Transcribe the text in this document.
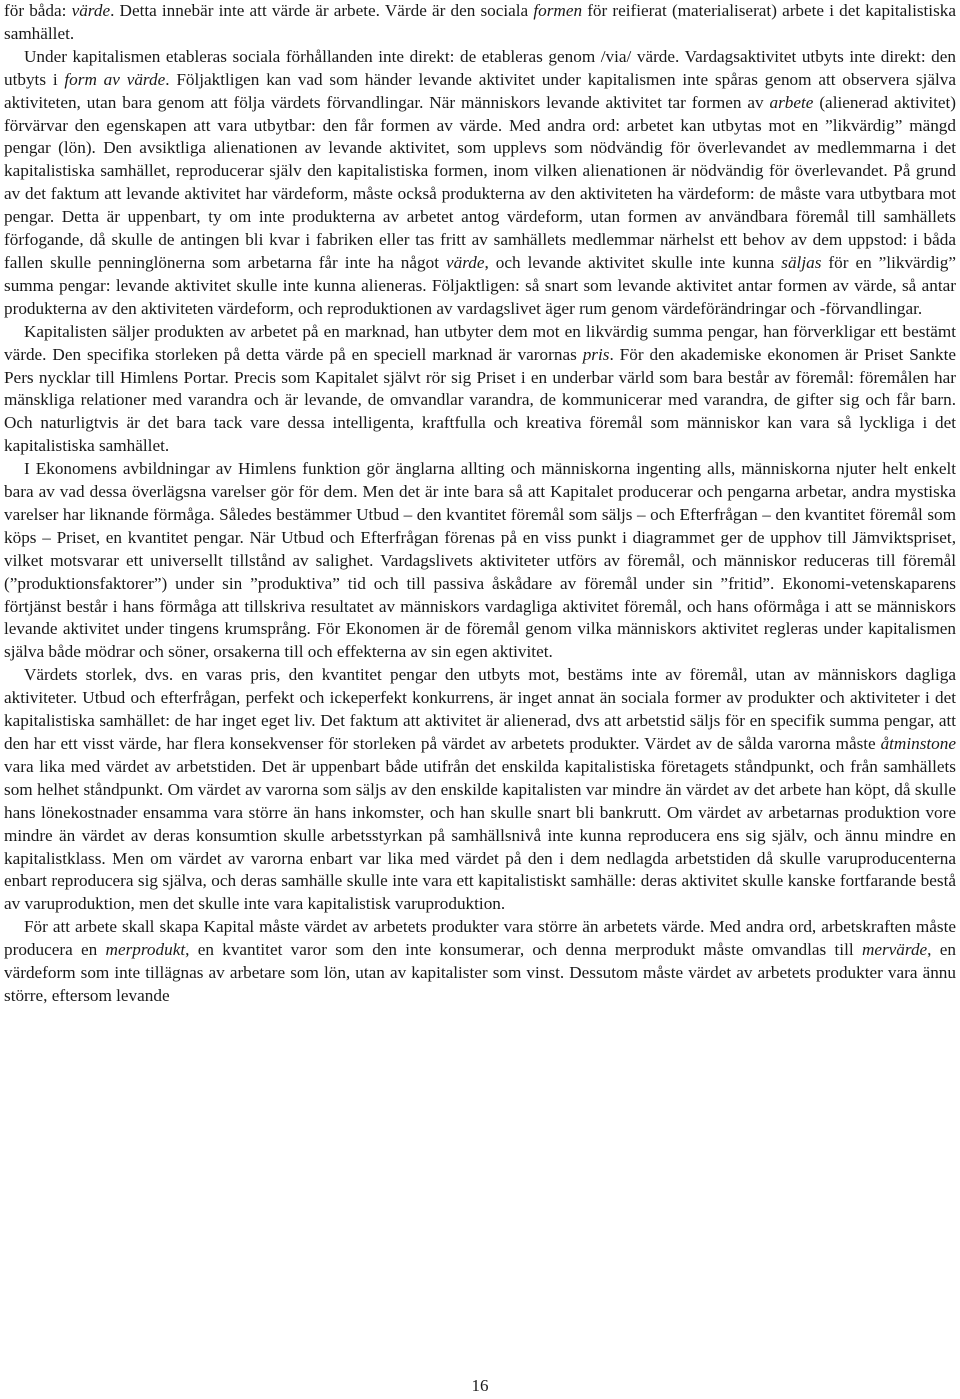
för båda: värde. Detta innebär inte att värde är arbete. Värde är den sociala formen för reifierat (materialiserat) arbete i det kapitalistiska samhället.

Under kapitalismen etableras sociala förhållanden inte direkt: de etableras genom /via/ värde. Vardagsaktivitet utbyts inte direkt: den utbyts i form av värde. Följaktligen kan vad som händer levande aktivitet under kapitalismen inte spåras genom att observera själva aktiviteten, utan bara genom att följa värdets förvandlingar. När människors levande aktivitet tar formen av arbete (alienerad aktivitet) förvärvar den egenskapen att vara utbytbar: den får formen av värde. Med andra ord: arbetet kan utbytas mot en ”likvärdig” mängd pengar (lön). Den avsiktliga alienationen av levande aktivitet, som upplevs som nödvändig för överlevandet av medlemmarna i det kapitalistiska samhället, reproducerar själv den kapitalistiska formen, inom vilken alienationen är nödvändig för överlevandet. På grund av det faktum att levande aktivitet har värdeform, måste också produkterna av den aktiviteten ha värdeform: de måste vara utbytbara mot pengar. Detta är uppenbart, ty om inte produkterna av arbetet antog värdeform, utan formen av användbara föremål till samhällets förfogande, då skulle de antingen bli kvar i fabriken eller tas fritt av samhällets medlemmar närhelst ett behov av dem uppstod: i båda fallen skulle penninglönerna som arbetarna får inte ha något värde, och levande aktivitet skulle inte kunna säljas för en ”likvärdig” summa pengar: levande aktivitet skulle inte kunna alieneras. Följaktligen: så snart som levande aktivitet antar formen av värde, så antar produkterna av den aktiviteten värdeform, och reproduktionen av vardagslivet äger rum genom värdeförändringar och -förvandlingar.

Kapitalisten säljer produkten av arbetet på en marknad, han utbyter dem mot en likvärdig summa pengar, han förverkligar ett bestämt värde. Den specifika storleken på detta värde på en speciell marknad är varornas pris. För den akademiske ekonomen är Priset Sankte Pers nycklar till Himlens Portar. Precis som Kapitalet självt rör sig Priset i en underbar värld som bara består av föremål: föremålen har mänskliga relationer med varandra och är levande, de omvandlar varandra, de kommunicerar med varandra, de gifter sig och får barn. Och naturligtvis är det bara tack vare dessa intelligenta, kraftfulla och kreativa föremål som människor kan vara så lyckliga i det kapitalistiska samhället.

I Ekonomens avbildningar av Himlens funktion gör änglarna allting och människorna ingenting alls, människorna njuter helt enkelt bara av vad dessa överlägsna varelser gör för dem. Men det är inte bara så att Kapitalet producerar och pengarna arbetar, andra mystiska varelser har liknande förmåga. Således bestämmer Utbud – den kvantitet föremål som säljs – och Efterfrågan – den kvantitet föremål som köps – Priset, en kvantitet pengar. När Utbud och Efterfrågan förenas på en viss punkt i diagrammet ger de upphov till Jämviktspriset, vilket motsvarar ett universellt tillstånd av salighet. Vardagslivets aktiviteter utförs av föremål, och människor reduceras till föremål (”produktionsfaktorer”) under sin ”produktiva” tid och till passiva åskådare av föremål under sin ”fritid”. Ekonomi-vetenskaparens förtjänst består i hans förmåga att tillskriva resultatet av människors vardagliga aktivitet föremål, och hans oförmåga i att se människors levande aktivitet under tingens krumsprång. För Ekonomen är de föremål genom vilka människors aktivitet regleras under kapitalismen själva både mödrar och söner, orsakerna till och effekterna av sin egen aktivitet.

Värdets storlek, dvs. en varas pris, den kvantitet pengar den utbyts mot, bestäms inte av föremål, utan av människors dagliga aktiviteter. Utbud och efterfrågan, perfekt och ickeperfekt konkurrens, är inget annat än sociala former av produkter och aktiviteter i det kapitalistiska samhället: de har inget eget liv. Det faktum att aktivitet är alienerad, dvs att arbetstid säljs för en specifik summa pengar, att den har ett visst värde, har flera konsekvenser för storleken på värdet av arbetets produkter. Värdet av de sålda varorna måste åtminstone vara lika med värdet av arbetstiden. Det är uppenbart både utifrån det enskilda kapitalistiska företagets ståndpunkt, och från samhällets som helhet ståndpunkt. Om värdet av varorna som säljs av den enskilde kapitalisten var mindre än värdet av det arbete han köpt, då skulle hans lönekostnader ensamma vara större än hans inkomster, och han skulle snart bli bankrutt. Om värdet av arbetarnas produktion vore mindre än värdet av deras konsumtion skulle arbetsstyrkan på samhällsnivå inte kunna reproducera ens sig själv, och ännu mindre en kapitalistklass. Men om värdet av varorna enbart var lika med värdet på den i dem nedlagda arbetstiden då skulle varuproducenterna enbart reproducera sig själva, och deras samhälle skulle inte vara ett kapitalistiskt samhälle: deras aktivitet skulle kanske fortfarande bestå av varuproduktion, men det skulle inte vara kapitalistisk varuproduktion.

För att arbete skall skapa Kapital måste värdet av arbetets produkter vara större än arbetets värde. Med andra ord, arbetskraften måste producera en merprodukt, en kvantitet varor som den inte konsumerar, och denna merprodukt måste omvandlas till mervärde, en värdeform som inte tillägnas av arbetare som lön, utan av kapitalister som vinst. Dessutom måste värdet av arbetets produkter vara ännu större, eftersom levande

16
